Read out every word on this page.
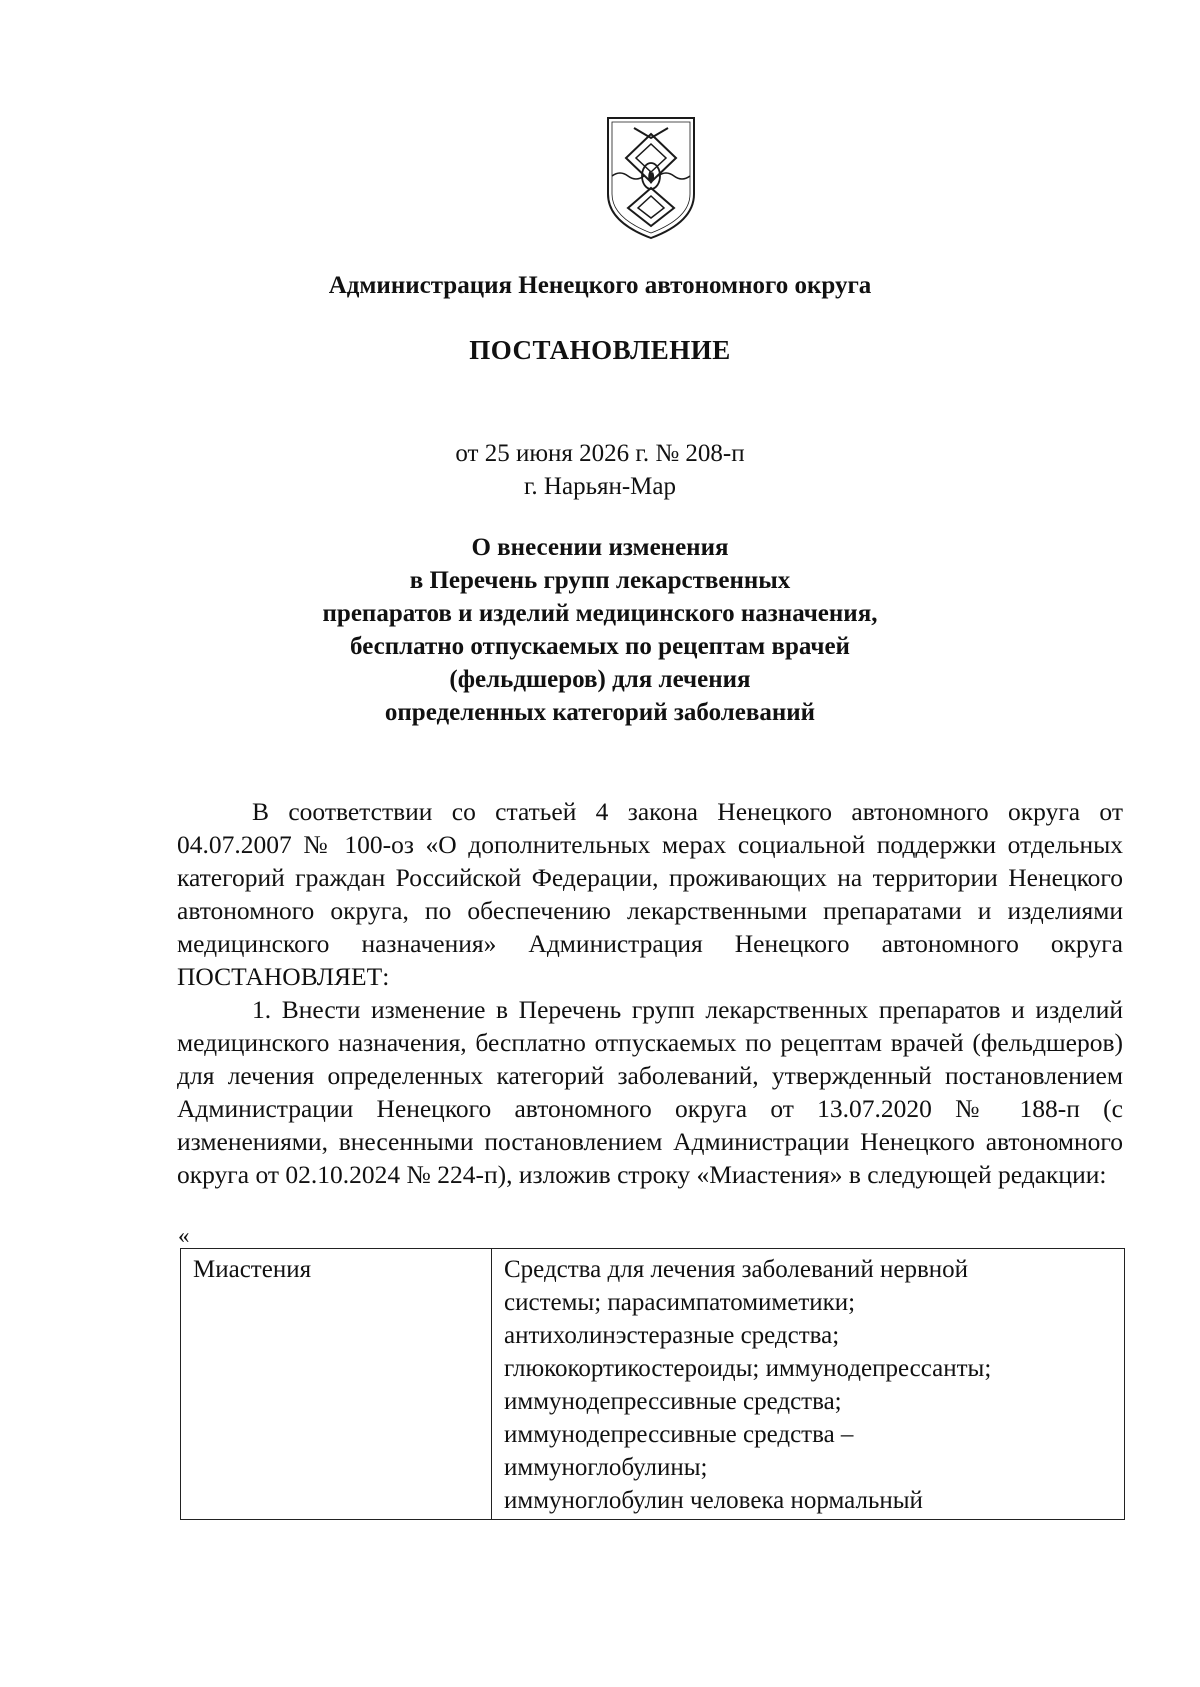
Администрация Ненецкого автономного округа
ПОСТАНОВЛЕНИЕ
от 25 июня 2026 г. № 208-п
г. Нарьян-Мар
О внесении изменения
в Перечень групп лекарственных
препаратов и изделий медицинского назначения,
бесплатно отпускаемых по рецептам врачей
(фельдшеров) для лечения
определенных категорий заболеваний
В соответствии со статьей 4 закона Ненецкого автономного округа от 04.07.2007 № 100-оз «О дополнительных мерах социальной поддержки отдельных категорий граждан Российской Федерации, проживающих на территории Ненецкого автономного округа, по обеспечению лекарственными препаратами и изделиями медицинского назначения» Администрация Ненецкого автономного округа ПОСТАНОВЛЯЕТ:
1. Внести изменение в Перечень групп лекарственных препаратов и изделий медицинского назначения, бесплатно отпускаемых по рецептам врачей (фельдшеров) для лечения определенных категорий заболеваний, утвержденный постановлением Администрации Ненецкого автономного округа от 13.07.2020 № 188-п (с изменениями, внесенными постановлением Администрации Ненецкого автономного округа от 02.10.2024 № 224-п), изложив строку «Миастения» в следующей редакции:
«
Миастения	Средства для лечения заболеваний нервной
системы; парасимпатомиметики;
антихолинэстеразные средства;
глюкокортикостероиды; иммунодепрессанты;
иммунодепрессивные средства;
иммунодепрессивные средства –
иммуноглобулины;
иммуноглобулин человека нормальный
